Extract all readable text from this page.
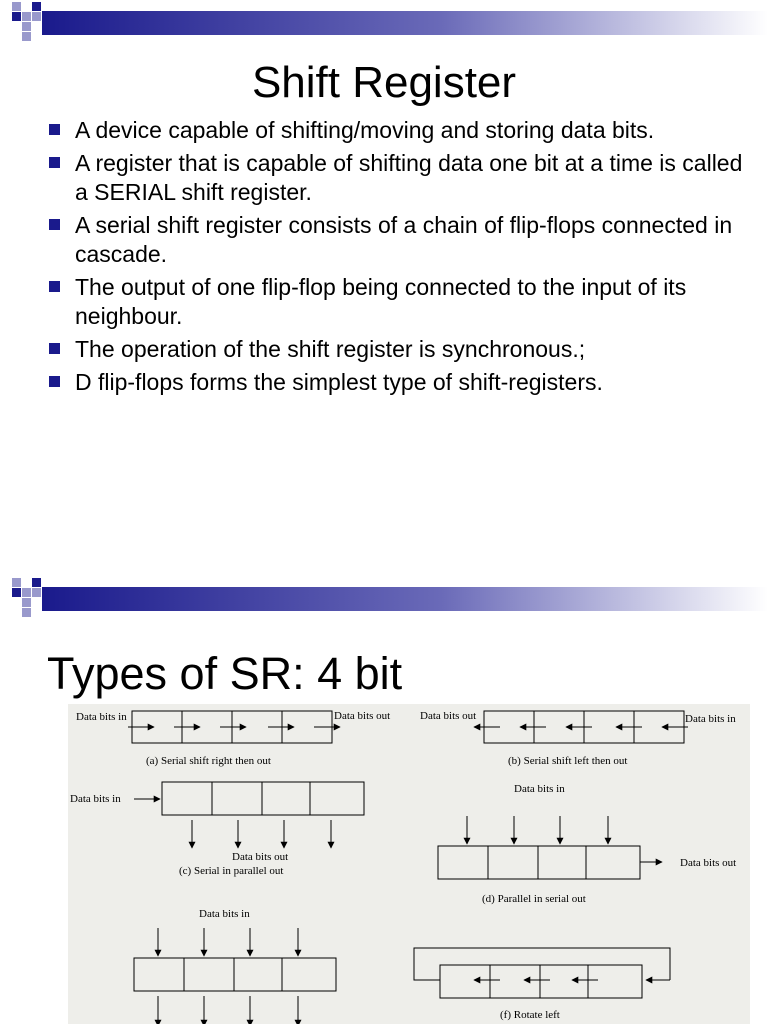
Shift Register
A device capable of shifting/moving and storing data bits.
A register that is capable of shifting data one bit at a time is called a SERIAL shift register.
A serial shift register consists of a chain of flip-flops connected in cascade.
The output of one flip-flop being connected to the input of its neighbour.
The operation of the shift register is synchronous.;
D flip-flops forms the simplest type of shift-registers.
Types of SR: 4 bit
Data bits in	Data bits out
(a) Serial shift right then out
Data bits out	Data bits in
(b) Serial shift left then out
Data bits in
Data bits out
(c) Serial in parallel out
Data bits in
Data bits out
(d) Parallel in serial out
Data bits in
(f) Rotate left
